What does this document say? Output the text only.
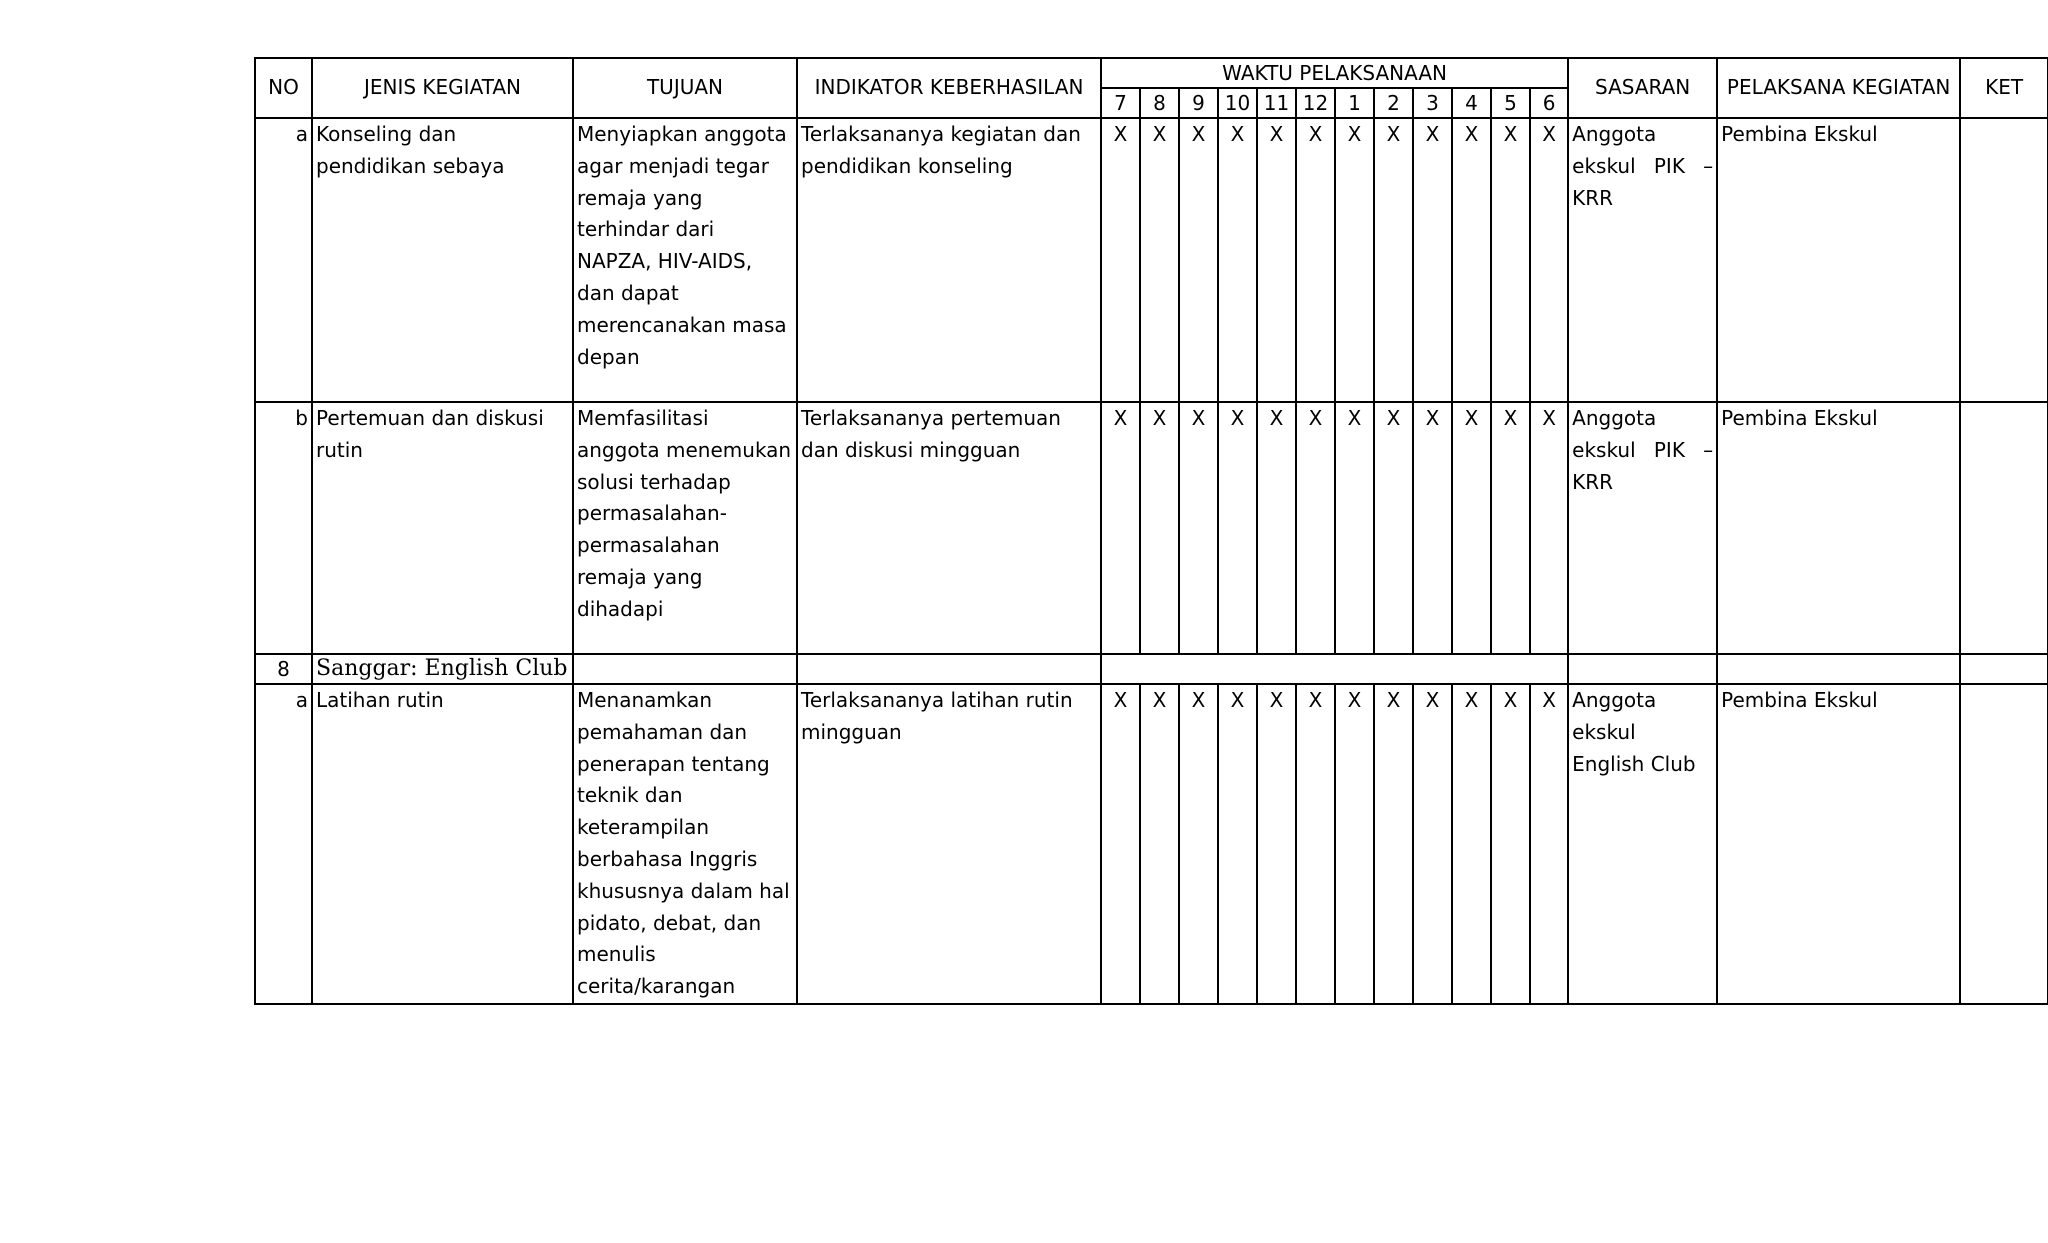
NO	JENIS KEGIATAN	TUJUAN	INDIKATOR KEBERHASILAN	WAKTU PELAKSANAAN												SASARAN	PELAKSANA KEGIATAN	KET
				7	8	9	10	11	12	1	2	3	4	5	6			
a	Konseling dan pendidikan sebaya	Menyiapkan anggota agar menjadi tegar remaja yang terhindar dari NAPZA, HIV-AIDS, dan dapat merencanakan masa depan	Terlaksananya kegiatan dan pendidikan konseling	X	X	X	X	X	X	X	X	X	X	X	X	Anggota ekskul PIK – KRR	Pembina Ekskul	
b	Pertemuan dan diskusi rutin	Memfasilitasi anggota menemukan solusi terhadap permasalahan-permasalahan remaja yang dihadapi	Terlaksananya pertemuan dan diskusi mingguan	X	X	X	X	X	X	X	X	X	X	X	X	Anggota ekskul PIK – KRR	Pembina Ekskul	
8	Sanggar: English Club																	
a	Latihan rutin	Menanamkan pemahaman dan penerapan tentang teknik dan keterampilan berbahasa Inggris khususnya dalam hal pidato, debat, dan menulis cerita/karangan	Terlaksananya latihan rutin mingguan	X	X	X	X	X	X	X	X	X	X	X	X	Anggota ekskul English Club	Pembina Ekskul	
